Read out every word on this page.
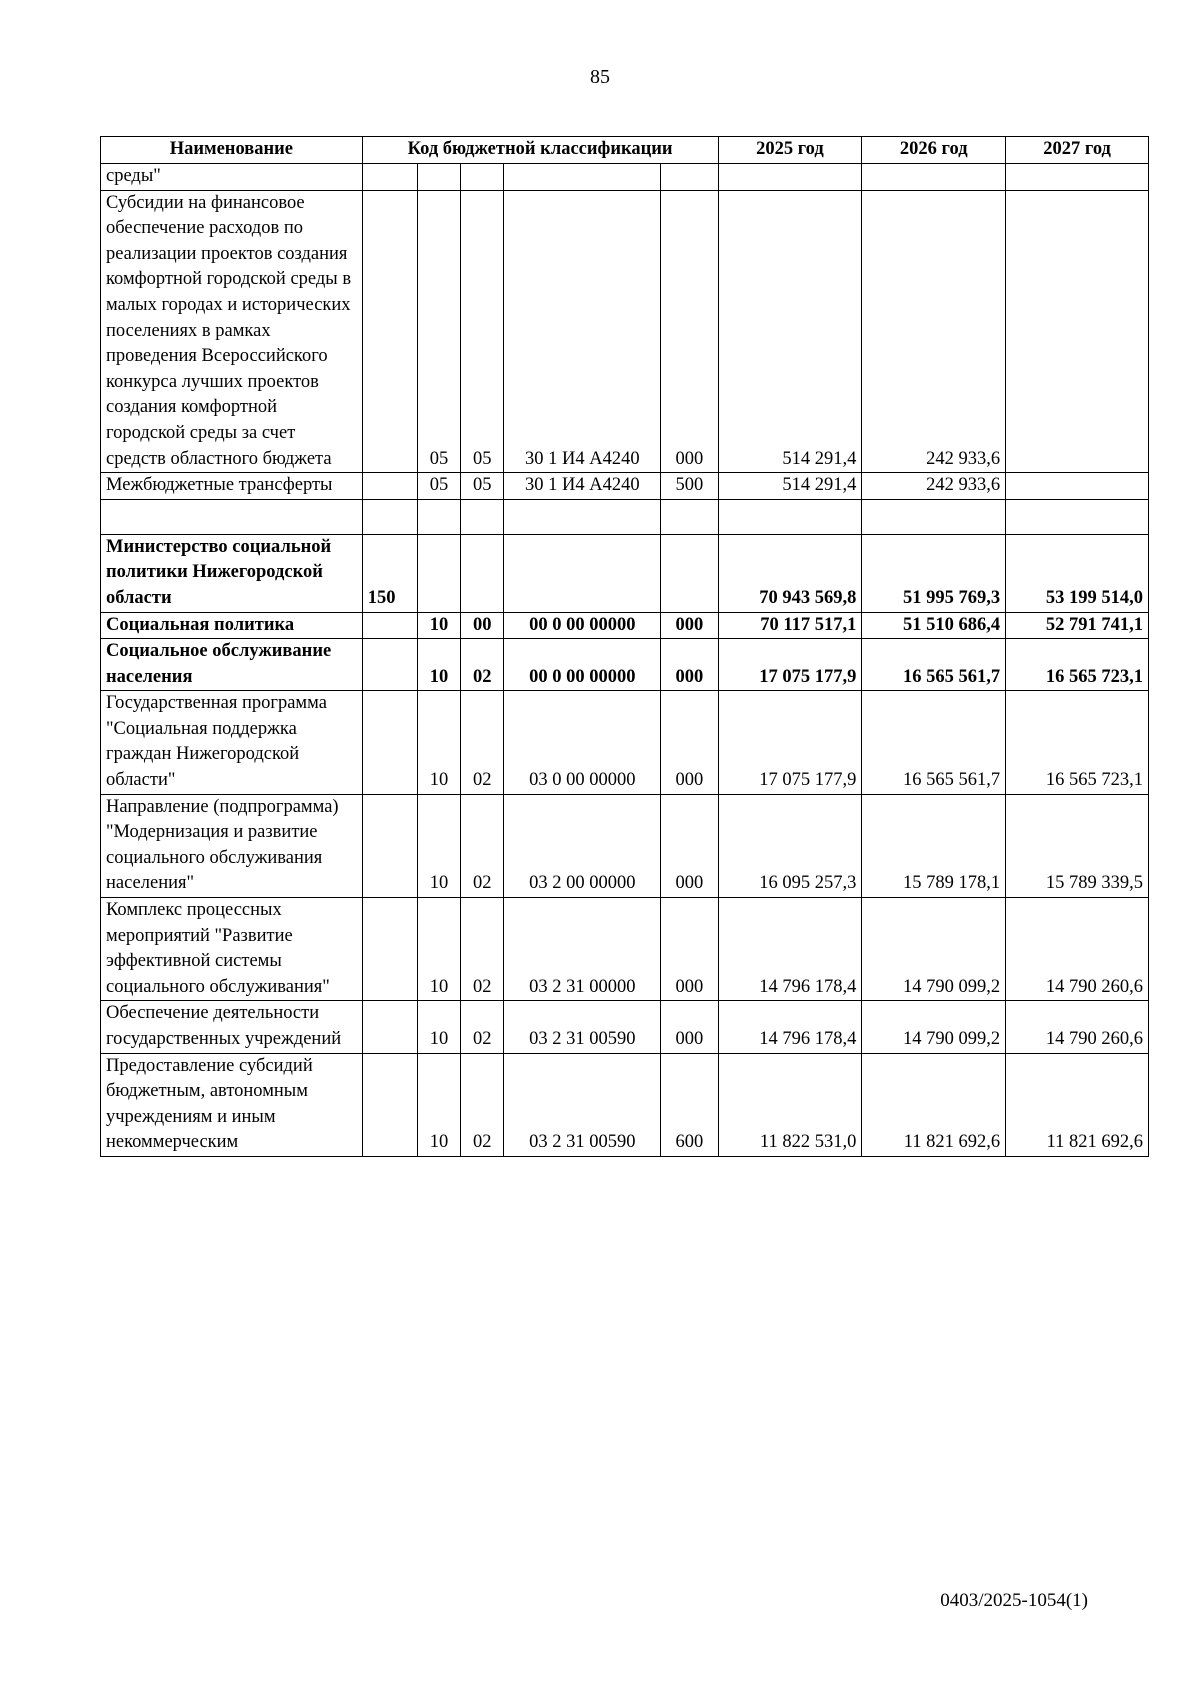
85
Наименование	Код бюджетной классификации					2025 год	2026 год	2027 год
среды"								
Субсидии на финансовое обеспечение расходов по реализации проектов создания комфортной городской среды в малых городах и исторических поселениях в рамках проведения Всероссийского конкурса лучших проектов создания комфортной городской среды за счет средств областного бюджета		05	05	30 1 И4 А4240	000	514 291,4	242 933,6	
Межбюджетные трансферты		05	05	30 1 И4 А4240	500	514 291,4	242 933,6	

Министерство социальной политики Нижегородской области	150					70 943 569,8	51 995 769,3	53 199 514,0
Социальная политика		10	00	00 0 00 00000	000	70 117 517,1	51 510 686,4	52 791 741,1
Социальное обслуживание населения		10	02	00 0 00 00000	000	17 075 177,9	16 565 561,7	16 565 723,1
Государственная программа "Социальная поддержка граждан Нижегородской области"		10	02	03 0 00 00000	000	17 075 177,9	16 565 561,7	16 565 723,1
Направление (подпрограмма) "Модернизация и развитие социального обслуживания населения"		10	02	03 2 00 00000	000	16 095 257,3	15 789 178,1	15 789 339,5
Комплекс процессных мероприятий "Развитие эффективной системы социального обслуживания"		10	02	03 2 31 00000	000	14 796 178,4	14 790 099,2	14 790 260,6
Обеспечение деятельности государственных учреждений		10	02	03 2 31 00590	000	14 796 178,4	14 790 099,2	14 790 260,6
Предоставление субсидий бюджетным, автономным учреждениям и иным некоммерческим		10	02	03 2 31 00590	600	11 822 531,0	11 821 692,6	11 821 692,6
0403/2025-1054(1)
